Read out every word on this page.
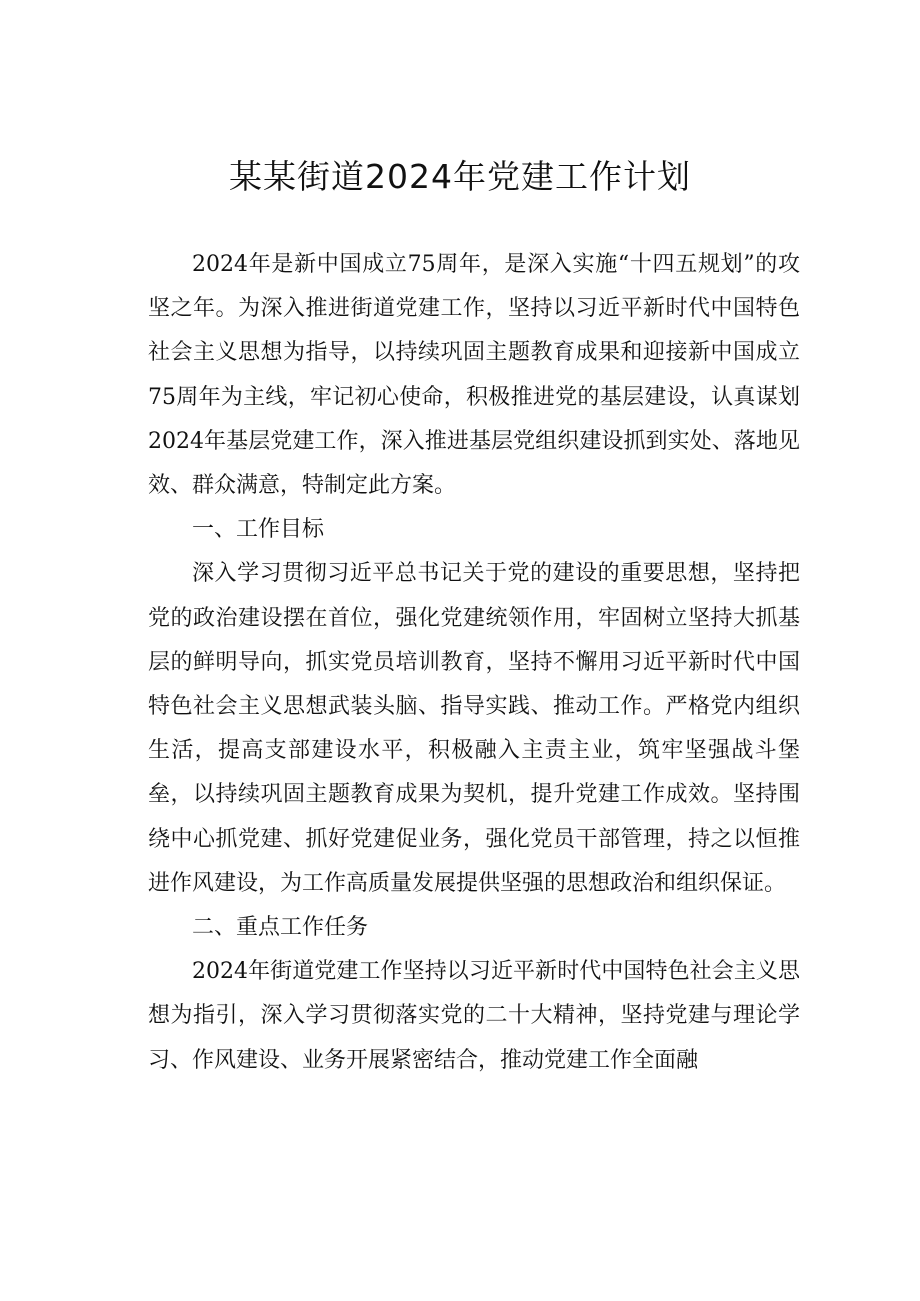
某某街道2024年党建工作计划

2024年是新中国成立75周年，是深入实施“十四五规划”的攻坚之年。为深入推进街道党建工作，坚持以习近平新时代中国特色社会主义思想为指导，以持续巩固主题教育成果和迎接新中国成立75周年为主线，牢记初心使命，积极推进党的基层建设，认真谋划2024年基层党建工作，深入推进基层党组织建设抓到实处、落地见效、群众满意，特制定此方案。

一、工作目标

深入学习贯彻习近平总书记关于党的建设的重要思想，坚持把党的政治建设摆在首位，强化党建统领作用，牢固树立坚持大抓基层的鲜明导向，抓实党员培训教育，坚持不懈用习近平新时代中国特色社会主义思想武装头脑、指导实践、推动工作。严格党内组织生活，提高支部建设水平，积极融入主责主业，筑牢坚强战斗堡垒，以持续巩固主题教育成果为契机，提升党建工作成效。坚持围绕中心抓党建、抓好党建促业务，强化党员干部管理，持之以恒推进作风建设，为工作高质量发展提供坚强的思想政治和组织保证。

二、重点工作任务

2024年街道党建工作坚持以习近平新时代中国特色社会主义思想为指引，深入学习贯彻落实党的二十大精神，坚持党建与理论学习、作风建设、业务开展紧密结合，推动党建工作全面融
